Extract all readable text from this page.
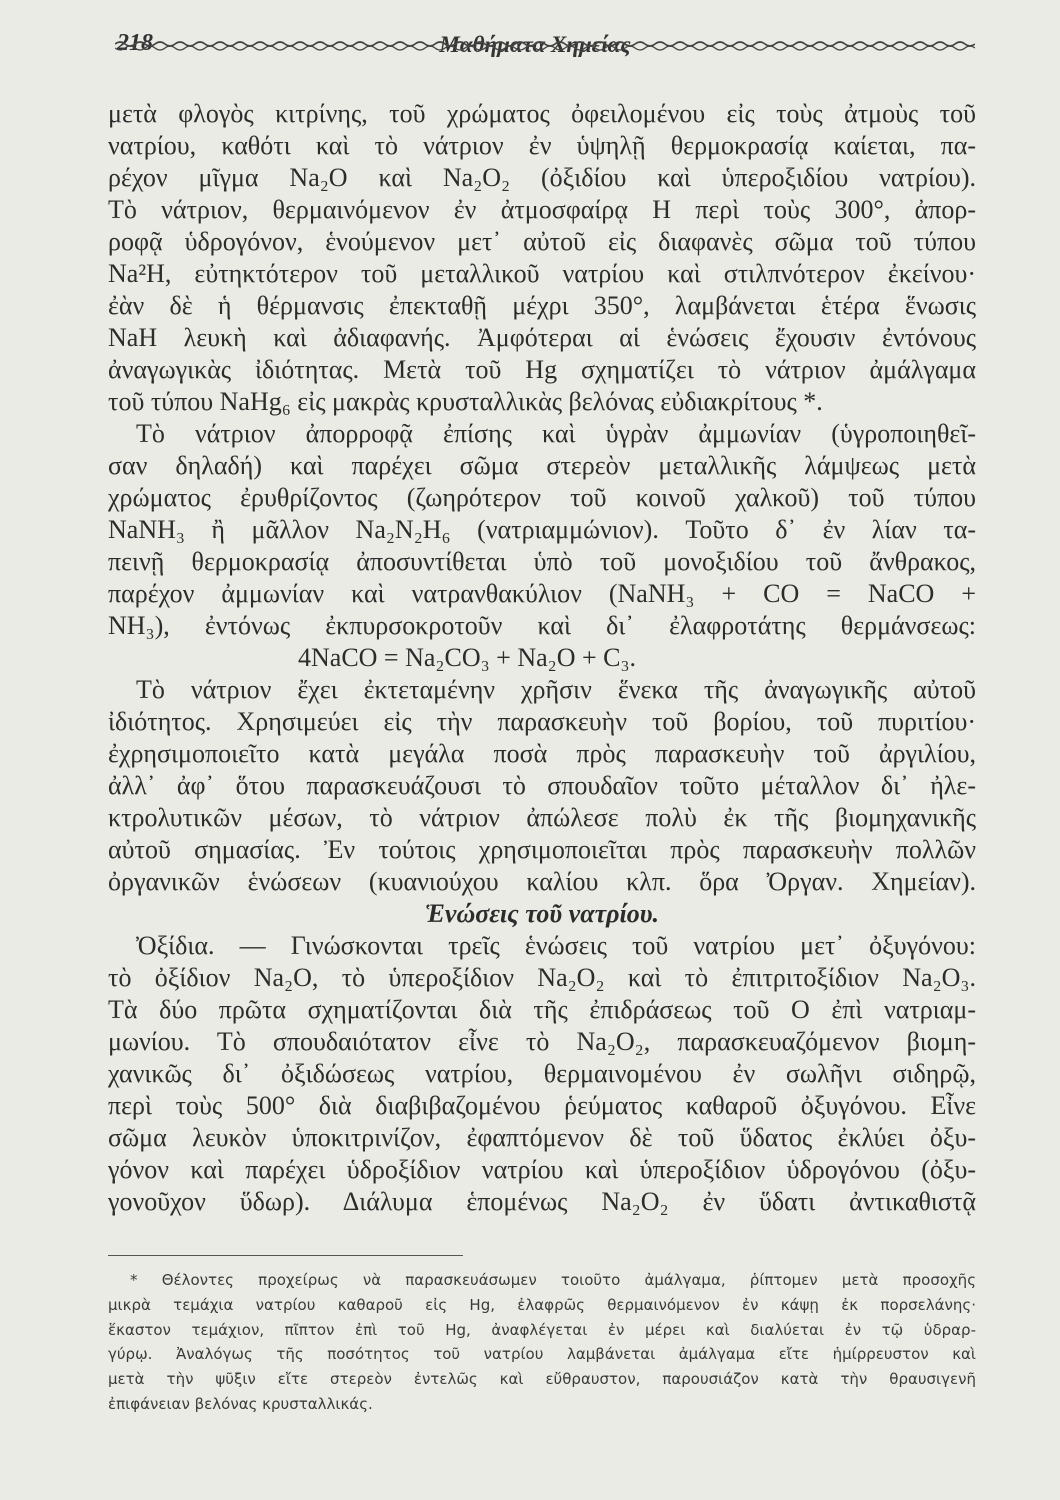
218	Μαθήματα Χημείας
μετὰ φλογὸς κιτρίνης, τοῦ χρώματος ὀφειλομένου εἰς τοὺς ἀτμοὺς τοῦ
νατρίου, καθότι καὶ τὸ νάτριον ἐν ὑψηλῇ θερμοκρασίᾳ καίεται, πα-
ρέχον μῖγμα Na₂O καὶ Na₂O₂ (ὀξιδίου καὶ ὑπεροξιδίου νατρίου).
Τὸ νάτριον, θερμαινόμενον ἐν ἀτμοσφαίρᾳ H περὶ τοὺς 300°, ἀπορ-
ροφᾷ ὑδρογόνον, ἑνούμενον μετ᾽ αὐτοῦ εἰς διαφανὲς σῶμα τοῦ τύπου
Na²H, εὐτηκτότερον τοῦ μεταλλικοῦ νατρίου καὶ στιλπνότερον ἐκείνου·
ἐὰν δὲ ἡ θέρμανσις ἐπεκταθῇ μέχρι 350°, λαμβάνεται ἑτέρα ἕνωσις
NaH λευκὴ καὶ ἀδιαφανής. Ἀμφότεραι αἱ ἑνώσεις ἔχουσιν ἐντόνους
ἀναγωγικὰς ἰδιότητας. Μετὰ τοῦ Hg σχηματίζει τὸ νάτριον ἀμάλγαμα
τοῦ τύπου NaHg₆ εἰς μακρὰς κρυσταλλικὰς βελόνας εὐδιακρίτους *.
Τὸ νάτριον ἀπορροφᾷ ἐπίσης καὶ ὑγρὰν ἀμμωνίαν (ὑγροποιηθεῖ-
σαν δηλαδή) καὶ παρέχει σῶμα στερεὸν μεταλλικῆς λάμψεως μετὰ
χρώματος ἐρυθρίζοντος (ζωηρότερον τοῦ κοινοῦ χαλκοῦ) τοῦ τύπου
NaNH₃ ἢ μᾶλλον Na₂N₂H₆ (νατριαμμώνιον). Τοῦτο δ᾽ ἐν λίαν τα-
πεινῇ θερμοκρασίᾳ ἀποσυντίθεται ὑπὸ τοῦ μονοξιδίου τοῦ ἄνθρακος,
παρέχον ἀμμωνίαν καὶ νατρανθακύλιον (NaNH₃ + CO = NaCO +
NH₃), ἐντόνως ἐκπυρσοκροτοῦν καὶ δι᾽ ἐλαφροτάτης θερμάνσεως:
4NaCO = Na₂CO₃ + Na₂O + C₃.
Τὸ νάτριον ἔχει ἐκτεταμένην χρῆσιν ἕνεκα τῆς ἀναγωγικῆς αὐτοῦ
ἰδιότητος. Χρησιμεύει εἰς τὴν παρασκευὴν τοῦ βορίου, τοῦ πυριτίου·
ἐχρησιμοποιεῖτο κατὰ μεγάλα ποσὰ πρὸς παρασκευὴν τοῦ ἀργιλίου,
ἀλλ᾽ ἀφ᾽ ὅτου παρασκευάζουσι τὸ σπουδαῖον τοῦτο μέταλλον δι᾽ ἠλε-
κτρολυτικῶν μέσων, τὸ νάτριον ἀπώλεσε πολὺ ἐκ τῆς βιομηχανικῆς
αὐτοῦ σημασίας. Ἐν τούτοις χρησιμοποιεῖται πρὸς παρασκευὴν πολλῶν
ὀργανικῶν ἑνώσεων (κυανιούχου καλίου κλπ. ὅρα Ὀργαν. Χημείαν).
Ἑνώσεις τοῦ νατρίου.
Ὀξίδια. — Γινώσκονται τρεῖς ἑνώσεις τοῦ νατρίου μετ᾽ ὀξυγόνου:
τὸ ὀξίδιον Na₂O, τὸ ὑπεροξίδιον Na₂O₂ καὶ τὸ ἐπιτριτοξίδιον Na₂O₃.
Τὰ δύο πρῶτα σχηματίζονται διὰ τῆς ἐπιδράσεως τοῦ O ἐπὶ νατριαμ-
μωνίου. Τὸ σπουδαιότατον εἶνε τὸ Na₂O₂, παρασκευαζόμενον βιομη-
χανικῶς δι᾽ ὀξιδώσεως νατρίου, θερμαινομένου ἐν σωλῆνι σιδηρῷ,
περὶ τοὺς 500° διὰ διαβιβαζομένου ῥεύματος καθαροῦ ὀξυγόνου. Εἶνε
σῶμα λευκὸν ὑποκιτρινίζον, ἐφαπτόμενον δὲ τοῦ ὕδατος ἐκλύει ὀξυ-
γόνον καὶ παρέχει ὑδροξίδιον νατρίου καὶ ὑπεροξίδιον ὑδρογόνου (ὀξυ-
γονοῦχον ὕδωρ). Διάλυμα ἑπομένως Na₂O₂ ἐν ὕδατι ἀντικαθιστᾷ
* Θέλοντες προχείρως νὰ παρασκευάσωμεν τοιοῦτο ἀμάλγαμα, ῥίπτομεν μετὰ προσοχῆς
μικρὰ τεμάχια νατρίου καθαροῦ εἰς Hg, ἐλαφρῶς θερμαινόμενον ἐν κάψῃ ἐκ πορσελάνης·
ἕκαστον τεμάχιον, πῖπτον ἐπὶ τοῦ Hg, ἀναφλέγεται ἐν μέρει καὶ διαλύεται ἐν τῷ ὑδραρ-
γύρῳ. Ἀναλόγως τῆς ποσότητος τοῦ νατρίου λαμβάνεται ἀμάλγαμα εἴτε ἡμίρρευστον καὶ
μετὰ τὴν ψῦξιν εἴτε στερεὸν ἐντελῶς καὶ εὔθραυστον, παρουσιάζον κατὰ τὴν θραυσιγενῆ
ἐπιφάνειαν βελόνας κρυσταλλικάς.
